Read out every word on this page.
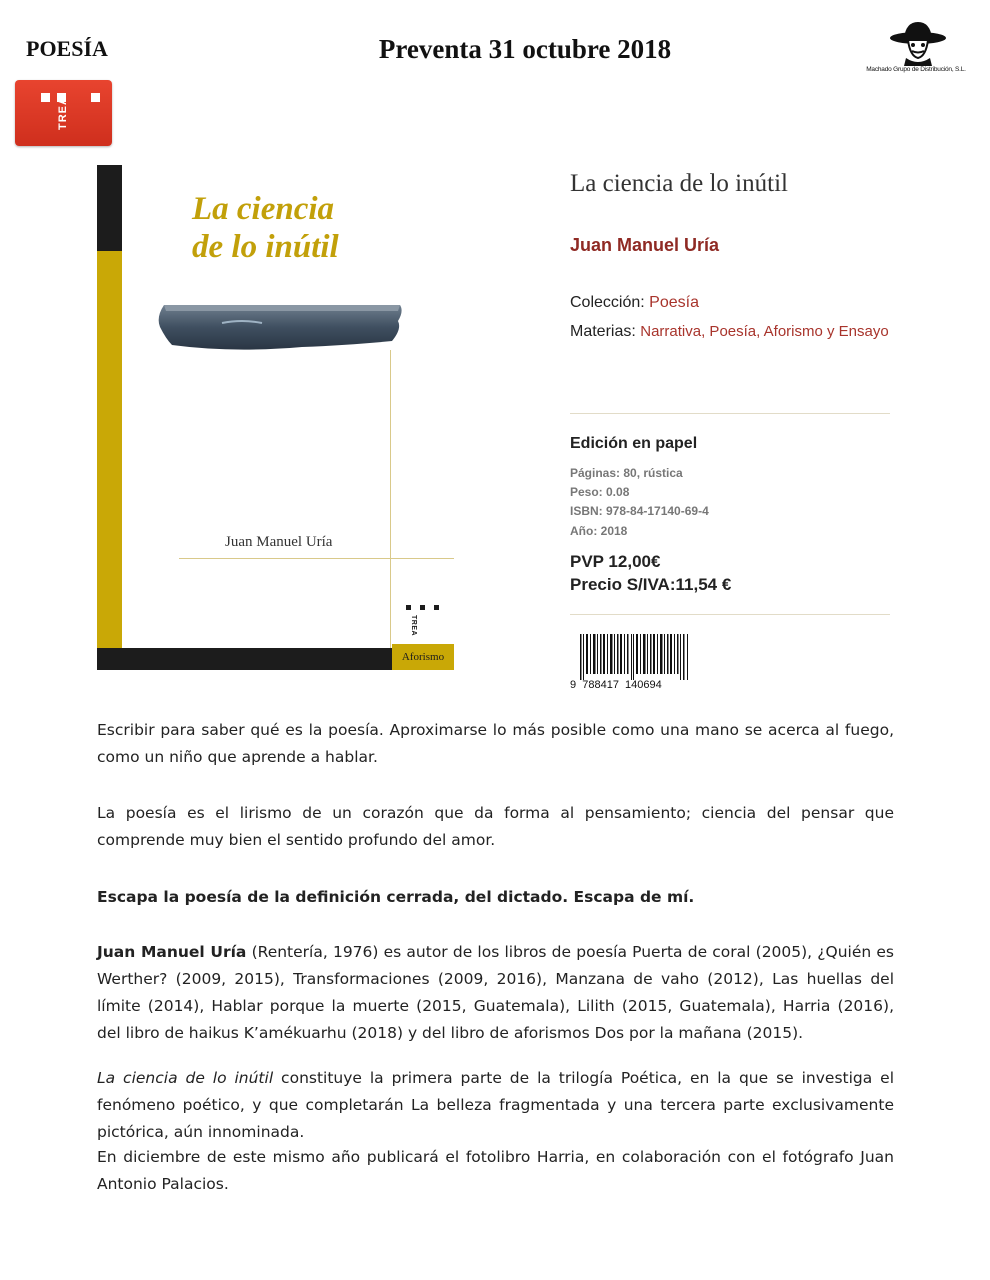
POESÍA	Preventa 31 octubre 2018
Machado Grupo de Distribución, S.L.
TREA
La ciencia
de lo inútil
Juan Manuel Uría
TREA
Aforismo
La ciencia de lo inútil
Juan Manuel Uría
Colección: Poesía
Materias: Narrativa, Poesía, Aforismo y Ensayo
Edición en papel
Páginas: 80, rústica
Peso: 0.08
ISBN: 978-84-17140-69-4
Año: 2018
PVP 12,00€
Precio S/IVA:11,54 €
9  788417  140694
Escribir para saber qué es la poesía. Aproximarse lo más posible como una mano se acerca al fuego, como un niño que aprende a hablar.
La poesía es el lirismo de un corazón que da forma al pensamiento; ciencia del pensar que comprende muy bien el sentido profundo del amor.
Escapa la poesía de la definición cerrada, del dictado. Escapa de mí.
Juan Manuel Uría (Rentería, 1976) es autor de los libros de poesía Puerta de coral (2005), ¿Quién es Werther? (2009, 2015), Transformaciones (2009, 2016), Manzana de vaho (2012), Las huellas del límite (2014), Hablar porque la muerte (2015, Guatemala), Lilith (2015, Guatemala), Harria (2016), del libro de haikus K’amékuarhu (2018) y del libro de aforismos Dos por la mañana (2015).
La ciencia de lo inútil constituye la primera parte de la trilogía Poética, en la que se investiga el fenómeno poético, y que completarán La belleza fragmentada y una tercera parte exclusivamente pictórica, aún innominada.
En diciembre de este mismo año publicará el fotolibro Harria, en colaboración con el fotógrafo Juan Antonio Palacios.
